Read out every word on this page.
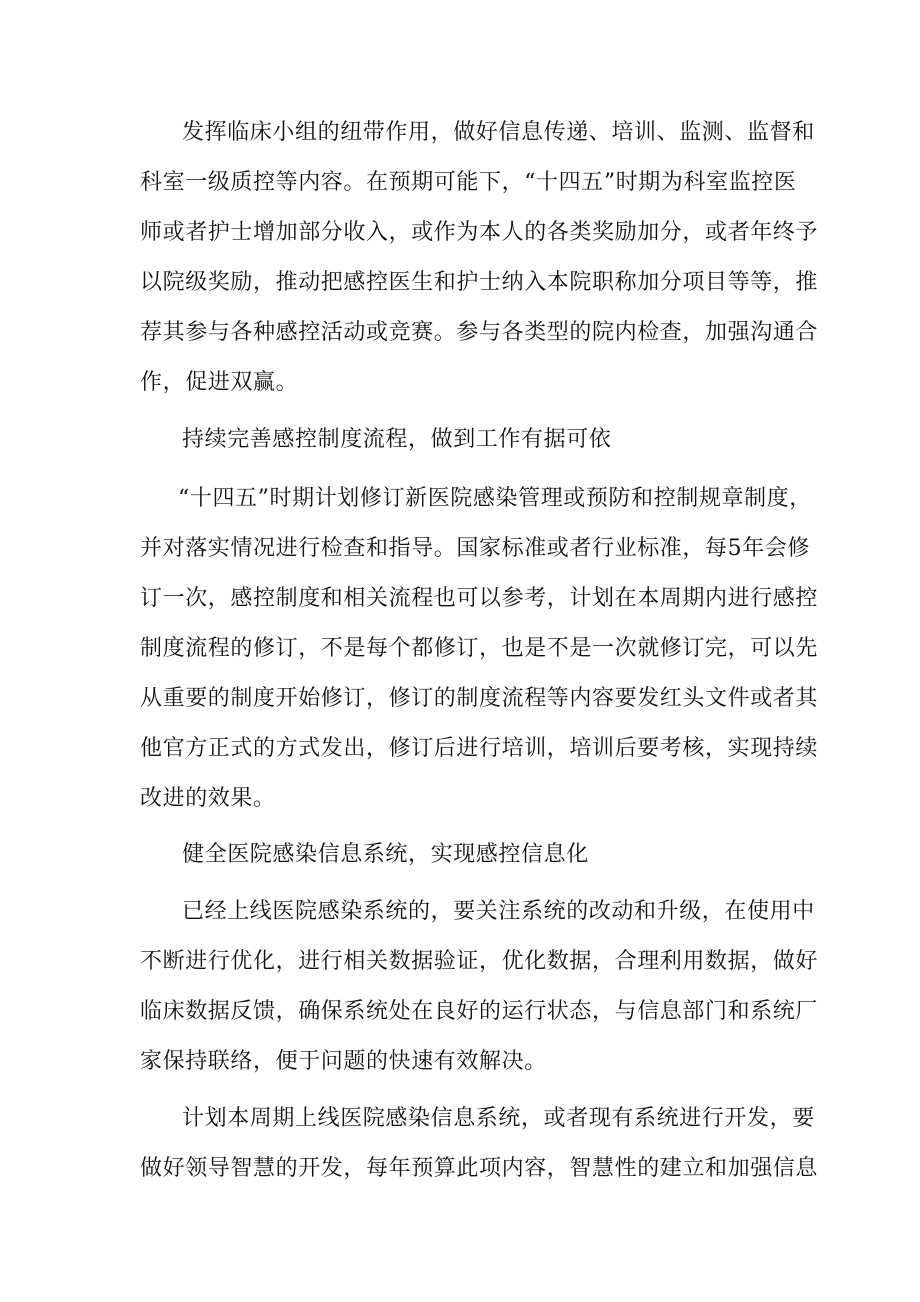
发挥临床小组的纽带作用，做好信息传递、培训、监测、监督和
科室一级质控等内容。在预期可能下，“十四五”时期为科室监控医
师或者护士增加部分收入，或作为本人的各类奖励加分，或者年终予
以院级奖励，推动把感控医生和护士纳入本院职称加分项目等等，推
荐其参与各种感控活动或竞赛。参与各类型的院内检查，加强沟通合
作，促进双赢。
持续完善感控制度流程，做到工作有据可依
“十四五”时期计划修订新医院感染管理或预防和控制规章制度，
并对落实情况进行检查和指导。国家标准或者行业标准，每5年会修
订一次，感控制度和相关流程也可以参考，计划在本周期内进行感控
制度流程的修订，不是每个都修订，也是不是一次就修订完，可以先
从重要的制度开始修订，修订的制度流程等内容要发红头文件或者其
他官方正式的方式发出，修订后进行培训，培训后要考核，实现持续
改进的效果。
健全医院感染信息系统，实现感控信息化
已经上线医院感染系统的，要关注系统的改动和升级，在使用中
不断进行优化，进行相关数据验证，优化数据，合理利用数据，做好
临床数据反馈，确保系统处在良好的运行状态，与信息部门和系统厂
家保持联络，便于问题的快速有效解决。
计划本周期上线医院感染信息系统，或者现有系统进行开发，要
做好领导智慧的开发，每年预算此项内容，智慧性的建立和加强信息
